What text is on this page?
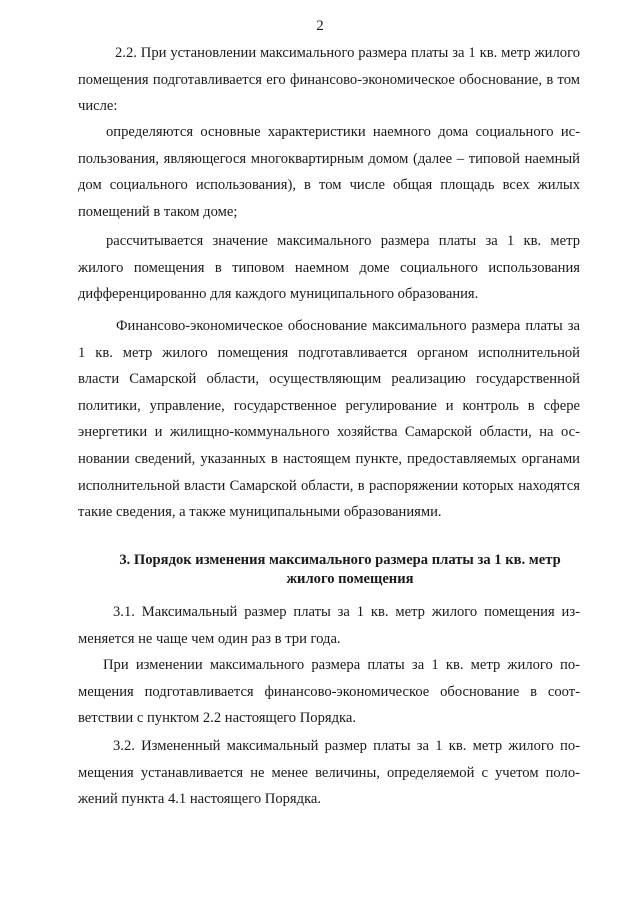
2

2.2. При установлении максимального размера платы за 1 кв. метр жилого помещения подготавливается его финансово-экономическое обоснование, в том числе:

определяются основные характеристики наемного дома социального использования, являющегося многоквартирным домом (далее – типовой наемный дом социального использования), в том числе общая площадь всех жилых помещений в таком доме;

рассчитывается значение максимального размера платы за 1 кв. метр жилого помещения в типовом наемном доме социального использования дифференцированно для каждого муниципального образования.

Финансово-экономическое обоснование максимального размера платы за 1 кв. метр жилого помещения подготавливается органом исполнительной власти Самарской области, осуществляющим реализацию государственной политики, управление, государственное регулирование и контроль в сфере энергетики и жилищно-коммунального хозяйства Самарской области, на основании сведений, указанных в настоящем пункте, предоставляемых органами исполнительной власти Самарской области, в распоряжении которых находятся такие сведения, а также муниципальными образованиями.

3. Порядок изменения максимального размера платы за 1 кв. метр
жилого помещения

3.1. Максимальный размер платы за 1 кв. метр жилого помещения изменяется не чаще чем один раз в три года.

При изменении максимального размера платы за 1 кв. метр жилого помещения подготавливается финансово-экономическое обоснование в соответствии с пунктом 2.2 настоящего Порядка.

3.2. Измененный максимальный размер платы за 1 кв. метр жилого помещения устанавливается не менее величины, определяемой с учетом положений пункта 4.1 настоящего Порядка.
